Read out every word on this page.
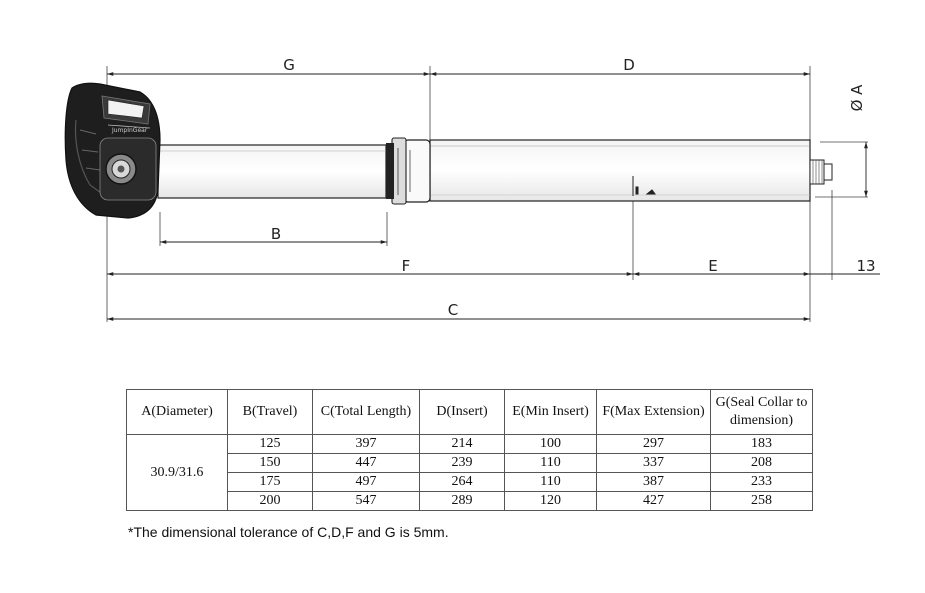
JumpInGear
G	D
Ø A
B
F	E	13
C
A(Diameter)	B(Travel)	C(Total Length)	D(Insert)	E(Min Insert)	F(Max Extension)	G(Seal Collar to dimension)
30.9/31.6	125	397	214	100	297	183
	150	447	239	110	337	208
	175	497	264	110	387	233
	200	547	289	120	427	258
*The dimensional tolerance of C,D,F and G is 5mm.
